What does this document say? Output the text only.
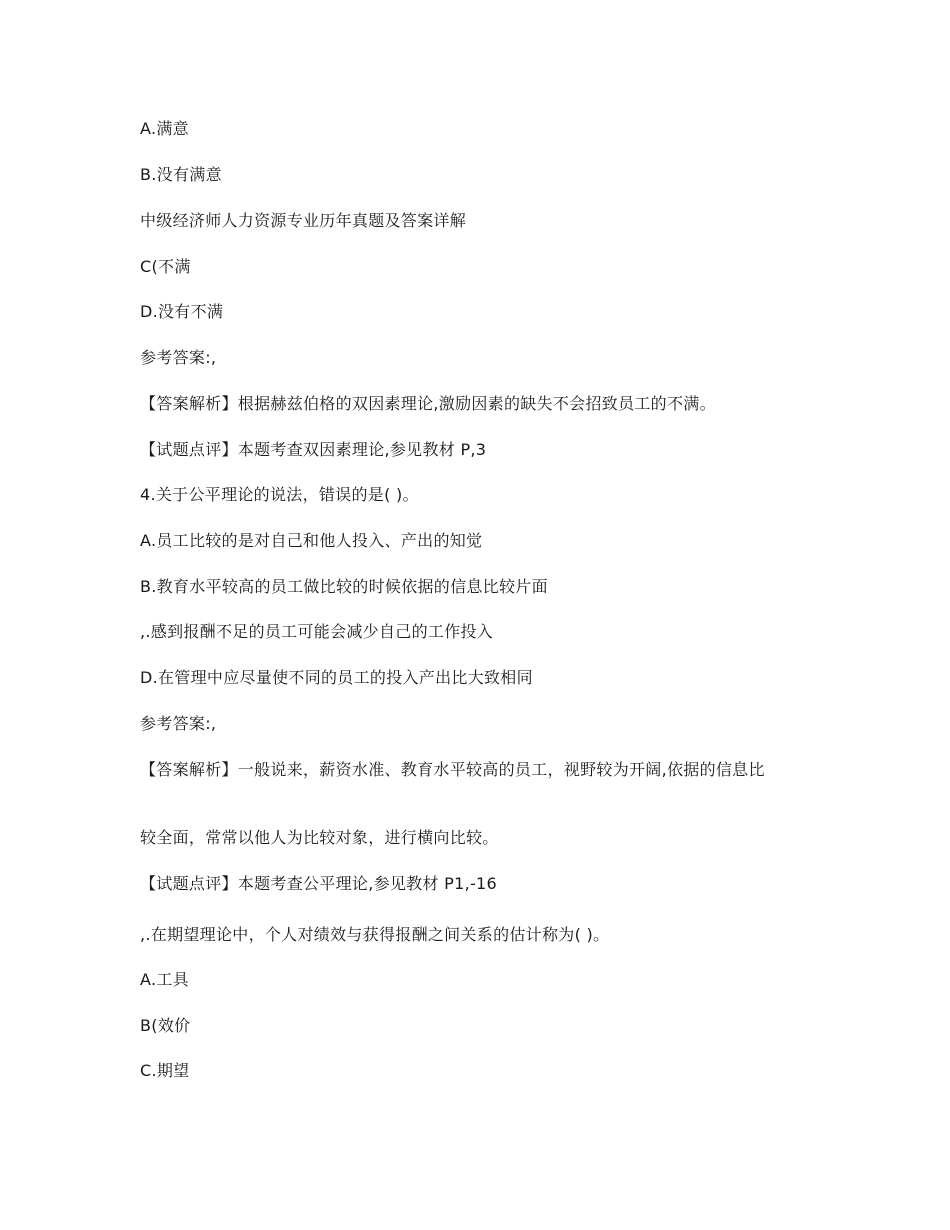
A.满意
B.没有满意
中级经济师人力资源专业历年真题及答案详解
C(不满
D.没有不满
参考答案:,
【答案解析】根据赫兹伯格的双因素理论,激励因素的缺失不会招致员工的不满。
【试题点评】本题考查双因素理论,参见教材 P,3
4.关于公平理论的说法，错误的是( )。
A.员工比较的是对自己和他人投入、产出的知觉
B.教育水平较高的员工做比较的时候依据的信息比较片面
,.感到报酬不足的员工可能会减少自己的工作投入
D.在管理中应尽量使不同的员工的投入产出比大致相同
参考答案:,
【答案解析】一般说来，薪资水准、教育水平较高的员工，视野较为开阔,依据的信息比
较全面，常常以他人为比较对象，进行横向比较。
【试题点评】本题考查公平理论,参见教材 P1,-16
,.在期望理论中，个人对绩效与获得报酬之间关系的估计称为( )。
A.工具
B(效价
C.期望
